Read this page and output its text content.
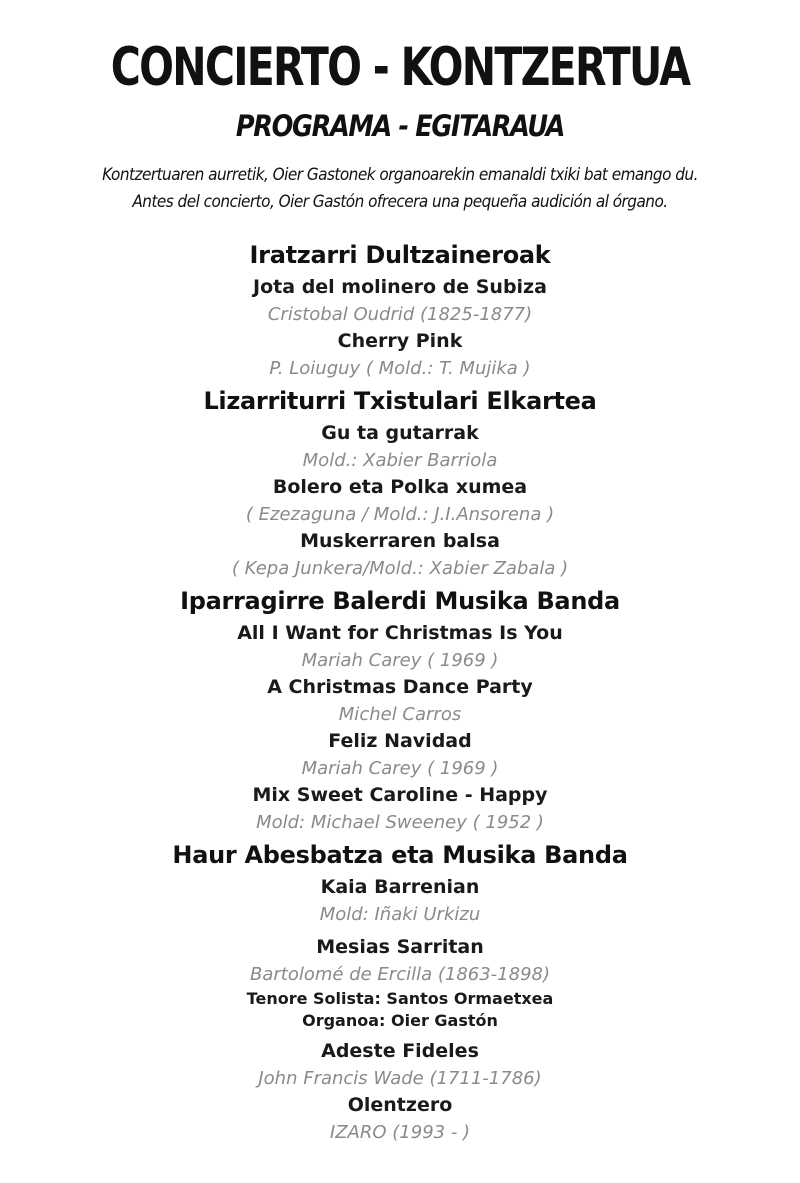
CONCIERTO - KONTZERTUA
PROGRAMA - EGITARAUA
Kontzertuaren aurretik, Oier Gastonek organoarekin emanaldi txiki bat emango du.
Antes del concierto, Oier Gastón ofrecera una pequeña audición al órgano.
Iratzarri Dultzaineroak
Jota del molinero de Subiza
Cristobal Oudrid (1825-1877)
Cherry Pink
P. Loiuguy ( Mold.: T. Mujika )
Lizarriturri Txistulari Elkartea
Gu ta gutarrak
Mold.: Xabier Barriola
Bolero eta Polka xumea
( Ezezaguna / Mold.: J.I.Ansorena )
Muskerraren balsa
( Kepa Junkera/Mold.: Xabier Zabala )
Iparragirre Balerdi Musika Banda
All I Want for Christmas Is You
Mariah Carey ( 1969 )
A Christmas Dance Party
Michel Carros
Feliz Navidad
Mariah Carey ( 1969 )
Mix Sweet Caroline - Happy
Mold: Michael Sweeney ( 1952 )
Haur Abesbatza eta Musika Banda
Kaia Barrenian
Mold: Iñaki Urkizu
Mesias Sarritan
Bartolomé de Ercilla (1863-1898)
Tenore Solista: Santos Ormaetxea
Organoa: Oier Gastón
Adeste Fideles
John Francis Wade (1711-1786)
Olentzero
IZARO (1993 - )
